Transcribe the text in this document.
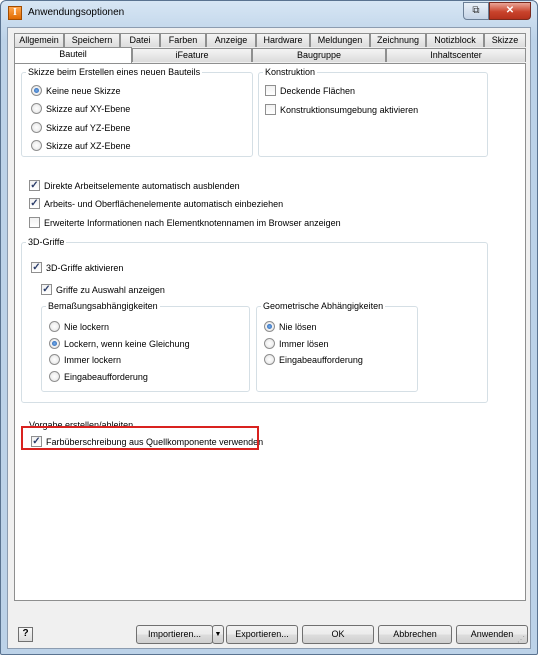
I	Anwendungsoptionen	⧉	✕
Allgemein	Speichern	Datei	Farben	Anzeige	Hardware	Meldungen	Zeichnung	Notizblock	Skizze
Bauteil	iFeature	Baugruppe	Inhaltscenter
Skizze beim Erstellen eines neuen Bauteils
Keine neue Skizze
Skizze auf XY-Ebene
Skizze auf YZ-Ebene
Skizze auf XZ-Ebene
Konstruktion
Deckende Flächen
Konstruktionsumgebung aktivieren
✓ Direkte Arbeitselemente automatisch ausblenden
✓ Arbeits- und Oberflächenelemente automatisch einbeziehen
Erweiterte Informationen nach Elementknotennamen im Browser anzeigen
3D-Griffe
✓ 3D-Griffe aktivieren
✓ Griffe zu Auswahl anzeigen
Bemaßungsabhängigkeiten
Nie lockern
Lockern, wenn keine Gleichung
Immer lockern
Eingabeaufforderung
Geometrische Abhängigkeiten
Nie lösen
Immer lösen
Eingabeaufforderung
Vorgabe erstellen/ableiten
✓ Farbüberschreibung aus Quellkomponente verwenden
?	Importieren...	▼	Exportieren...	OK	Abbrechen	Anwenden
⋰
